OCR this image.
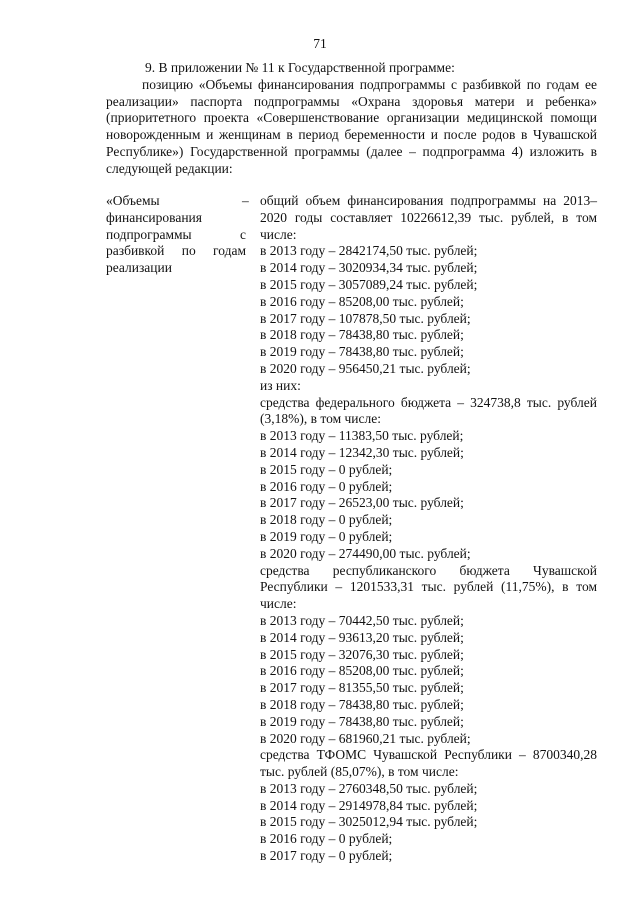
71

9. В приложении № 11 к Государственной программе:

позицию «Объемы финансирования подпрограммы с разбивкой по годам ее реализации» паспорта подпрограммы «Охрана здоровья матери и ребенка» (приоритетного проекта «Совершенствование организации медицинской помощи новорожденным и женщинам в период беременности и после родов в Чувашской Республике») Государственной программы (далее – подпрограмма 4) изложить в следующей редакции:

«Объемы финансирования подпрограммы с разбивкой по годам реализации
– общий объем финансирования подпрограммы на 2013–2020 годы составляет 10226612,39 тыс. рублей, в том числе:
в 2013 году – 2842174,50 тыс. рублей;
в 2014 году – 3020934,34 тыс. рублей;
в 2015 году – 3057089,24 тыс. рублей;
в 2016 году – 85208,00 тыс. рублей;
в 2017 году – 107878,50 тыс. рублей;
в 2018 году – 78438,80 тыс. рублей;
в 2019 году – 78438,80 тыс. рублей;
в 2020 году – 956450,21 тыс. рублей;
из них:
средства федерального бюджета – 324738,8 тыс. рублей (3,18%), в том числе:
в 2013 году – 11383,50 тыс. рублей;
в 2014 году – 12342,30 тыс. рублей;
в 2015 году – 0 рублей;
в 2016 году – 0 рублей;
в 2017 году – 26523,00 тыс. рублей;
в 2018 году – 0 рублей;
в 2019 году – 0 рублей;
в 2020 году – 274490,00 тыс. рублей;
средства республиканского бюджета Чувашской Республики – 1201533,31 тыс. рублей (11,75%), в том числе:
в 2013 году – 70442,50 тыс. рублей;
в 2014 году – 93613,20 тыс. рублей;
в 2015 году – 32076,30 тыс. рублей;
в 2016 году – 85208,00 тыс. рублей;
в 2017 году – 81355,50 тыс. рублей;
в 2018 году – 78438,80 тыс. рублей;
в 2019 году – 78438,80 тыс. рублей;
в 2020 году – 681960,21 тыс. рублей;
средства ТФОМС Чувашской Республики – 8700340,28 тыс. рублей (85,07%), в том числе:
в 2013 году – 2760348,50 тыс. рублей;
в 2014 году – 2914978,84 тыс. рублей;
в 2015 году – 3025012,94 тыс. рублей;
в 2016 году – 0 рублей;
в 2017 году – 0 рублей;
